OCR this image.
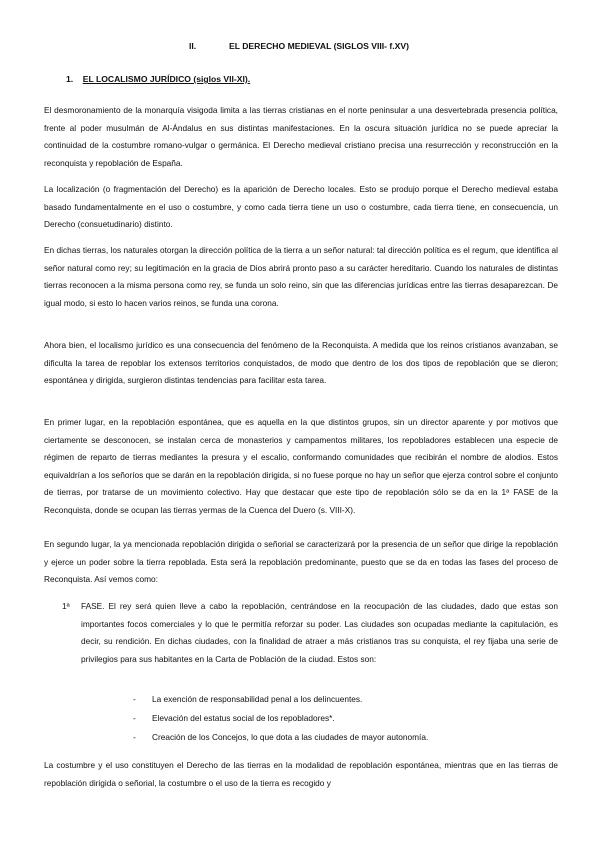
II.	EL DERECHO MEDIEVAL (SIGLOS VIII- f.XV)
1. EL LOCALISMO JURÍDICO (siglos VII-XI).

El desmoronamiento de la monarquía visigoda limita a las tierras cristianas en el norte peninsular a una desvertebrada presencia política, frente al poder musulmán de Al-Ándalus en sus distintas manifestaciones. En la oscura situación jurídica no se puede apreciar la continuidad de la costumbre romano-vulgar o germánica. El Derecho medieval cristiano precisa una resurrección y reconstrucción en la reconquista y repoblación de España.

La localización (o fragmentación del Derecho) es la aparición de Derecho locales. Esto se produjo porque el Derecho medieval estaba basado fundamentalmente en el uso o costumbre, y como cada tierra tiene un uso o costumbre, cada tierra tiene, en consecuencia, un Derecho (consuetudinario) distinto.

En dichas tierras, los naturales otorgan la dirección política de la tierra a un señor natural: tal dirección política es el regum, que identifica al señor natural como rey; su legitimación en la gracia de Dios abrirá pronto paso a su carácter hereditario. Cuando los naturales de distintas tierras reconocen a la misma persona como rey, se funda un solo reino, sin que las diferencias jurídicas entre las tierras desaparezcan. De igual modo, si esto lo hacen varios reinos, se funda una corona.

Ahora bien, el localismo jurídico es una consecuencia del fenómeno de la Reconquista. A medida que los reinos cristianos avanzaban, se dificulta la tarea de repoblar los extensos territorios conquistados, de modo que dentro de los dos tipos de repoblación que se dieron; espontánea y dirigida, surgieron distintas tendencias para facilitar esta tarea.

En primer lugar, en la repoblación espontánea, que es aquella en la que distintos grupos, sin un director aparente y por motivos que ciertamente se desconocen, se instalan cerca de monasterios y campamentos militares, los repobladores establecen una especie de régimen de reparto de tierras mediantes la presura y el escalio, conformando comunidades que recibirán el nombre de alodios. Estos equivaldrían a los señoríos que se darán en la repoblación dirigida, si no fuese porque no hay un señor que ejerza control sobre el conjunto de tierras, por tratarse de un movimiento colectivo. Hay que destacar que este tipo de repoblación sólo se da en la 1ª FASE de la Reconquista, donde se ocupan las tierras yermas de la Cuenca del Duero (s. VIII-X).

En segundo lugar, la ya mencionada repoblación dirigida o señorial se caracterizará por la presencia de un señor que dirige la repoblación y ejerce un poder sobre la tierra repoblada. Esta será la repoblación predominante, puesto que se da en todas las fases del proceso de Reconquista. Así vemos como:

1ª FASE. El rey será quien lleve a cabo la repoblación, centrándose en la reocupación de las ciudades, dado que estas son importantes focos comerciales y lo que le permitía reforzar su poder. Las ciudades son ocupadas mediante la capitulación, es decir, su rendición. En dichas ciudades, con la finalidad de atraer a más cristianos tras su conquista, el rey fijaba una serie de privilegios para sus habitantes en la Carta de Población de la ciudad. Estos son:

- La exención de responsabilidad penal a los delincuentes.
- Elevación del estatus social de los repobladores*.
- Creación de los Concejos, lo que dota a las ciudades de mayor autonomía.

La costumbre y el uso constituyen el Derecho de las tierras en la modalidad de repoblación espontánea, mientras que en las tierras de repoblación dirigida o señorial, la costumbre o el uso de la tierra es recogido y
